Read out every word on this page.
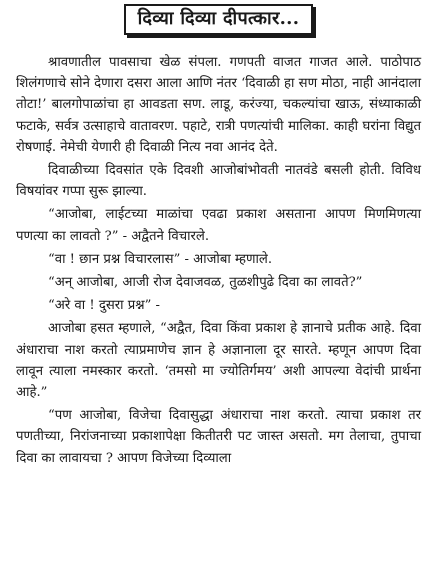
दिव्या दिव्या दीपत्कार...

श्रावणातील पावसाचा खेळ संपला. गणपती वाजत गाजत आले. पाठोपाठ शिलंगणाचे सोने देणारा दसरा आला आणि नंतर ‘दिवाळी हा सण मोठा, नाही आनंदाला तोटा!’ बालगोपाळांचा हा आवडता सण. लाडू, करंज्या, चकल्यांचा खाऊ, संध्याकाळी फटाके, सर्वत्र उत्साहाचे वातावरण. पहाटे, रात्री पणत्यांची मालिका. काही घरांना विद्युत रोषणाई. नेमेची येणारी ही दिवाळी नित्य नवा आनंद देते.

दिवाळीच्या दिवसांत एके दिवशी आजोबांभोवती नातवंडे बसली होती. विविध विषयांवर गप्पा सुरू झाल्या.

“आजोबा, लाईटच्या माळांचा एवढा प्रकाश असताना आपण मिणमिणत्या पणत्या का लावतो ?” - अद्वैतने विचारले.

“वा ! छान प्रश्न विचारलास” - आजोबा म्हणाले.

“अन् आजोबा, आजी रोज देवाजवळ, तुळशीपुढे दिवा का लावते?”

“अरे वा ! दुसरा प्रश्न” -

आजोबा हसत म्हणाले, “अद्वैत, दिवा किंवा प्रकाश हे ज्ञानाचे प्रतीक आहे. दिवा अंधाराचा नाश करतो त्याप्रमाणेच ज्ञान हे अज्ञानाला दूर सारते. म्हणून आपण दिवा लावून त्याला नमस्कार करतो. ‘तमसो मा ज्योतिर्गमय’ अशी आपल्या वेदांची प्रार्थना आहे.”

“पण आजोबा, विजेचा दिवासुद्धा अंधाराचा नाश करतो. त्याचा प्रकाश तर पणतीच्या, निरांजनाच्या प्रकाशापेक्षा कितीतरी पट जास्त असतो. मग तेलाचा, तुपाचा दिवा का लावायचा ? आपण विजेच्या दिव्याला
